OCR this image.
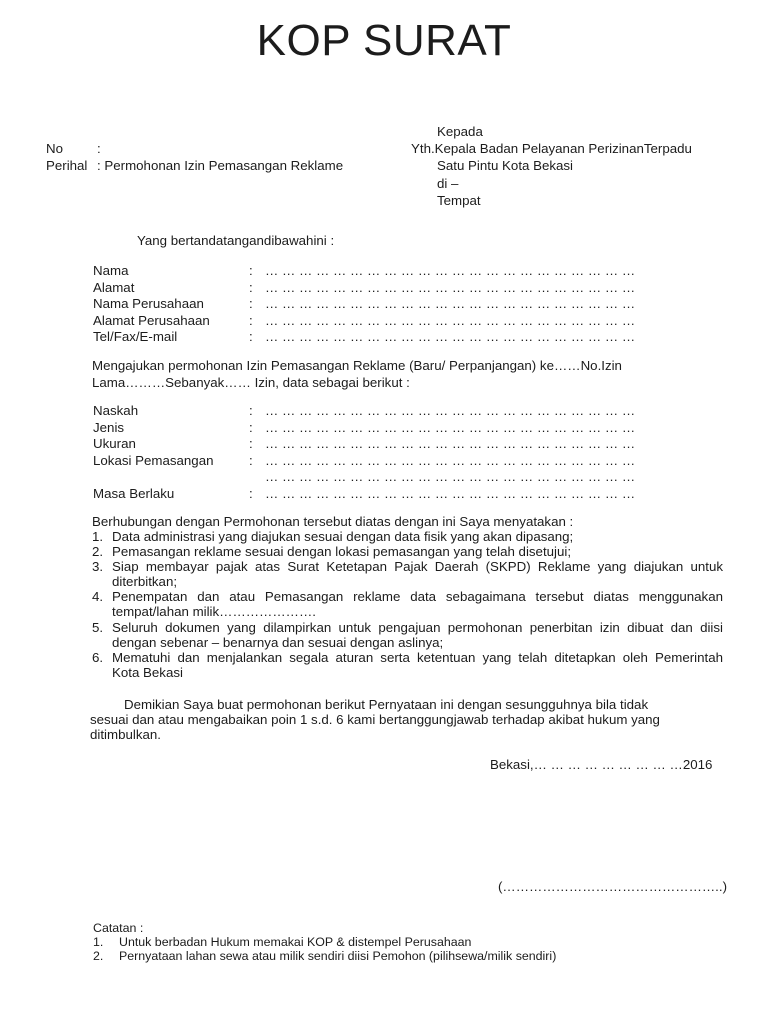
KOP SURAT
Kepada
Yth.Kepala Badan Pelayanan PerizinanTerpadu
Satu Pintu Kota Bekasi
di –
Tempat
No	:
Perihal : Permohonan Izin Pemasangan Reklame
Yang bertandatangandibawahini :
Nama	: … … … … … … … … … … … … … … … … … … … … … …
Alamat	: … … … … … … … … … … … … … … … … … … … … … …
Nama Perusahaan	: … … … … … … … … … … … … … … … … … … … … … …
Alamat Perusahaan	: … … … … … … … … … … … … … … … … … … … … … …
Tel/Fax/E-mail	: … … … … … … … … … … … … … … … … … … … … … …
Mengajukan permohonan Izin Pemasangan Reklame (Baru/ Perpanjangan) ke……No.Izin
Lama………Sebanyak…… Izin, data sebagai berikut :
Naskah	: … … … … … … … … … … … … … … … … … … … … … …
Jenis	: … … … … … … … … … … … … … … … … … … … … … …
Ukuran	: … … … … … … … … … … … … … … … … … … … … … …
Lokasi Pemasangan	: … … … … … … … … … … … … … … … … … … … … … …
… … … … … … … … … … … … … … … … … … … … … …
Masa Berlaku	: … … … … … … … … … … … … … … … … … … … … … …
Berhubungan dengan Permohonan tersebut diatas dengan ini Saya menyatakan :
1. Data administrasi yang diajukan sesuai dengan data fisik yang akan dipasang;
2. Pemasangan reklame sesuai dengan lokasi pemasangan yang telah disetujui;
3. Siap membayar pajak atas Surat Ketetapan Pajak Daerah (SKPD) Reklame yang diajukan untuk
diterbitkan;
4. Penempatan dan atau Pemasangan reklame data sebagaimana tersebut diatas menggunakan
tempat/lahan milik………………….
5. Seluruh dokumen yang dilampirkan untuk pengajuan permohonan penerbitan izin dibuat dan diisi
dengan sebenar – benarnya dan sesuai dengan aslinya;
6. Mematuhi dan menjalankan segala aturan serta ketentuan yang telah ditetapkan oleh Pemerintah
Kota Bekasi
Demikian Saya buat permohonan berikut Pernyataan ini dengan sesungguhnya bila tidak
sesuai dan atau mengabaikan poin 1 s.d. 6 kami bertanggungjawab terhadap akibat hukum yang
ditimbulkan.
Bekasi,… … … … … … … … …2016
(…………………………………………..)
Catatan :
1.	Untuk berbadan Hukum memakai KOP & distempel Perusahaan
2.	Pernyataan lahan sewa atau milik sendiri diisi Pemohon (pilihsewa/milik sendiri)
